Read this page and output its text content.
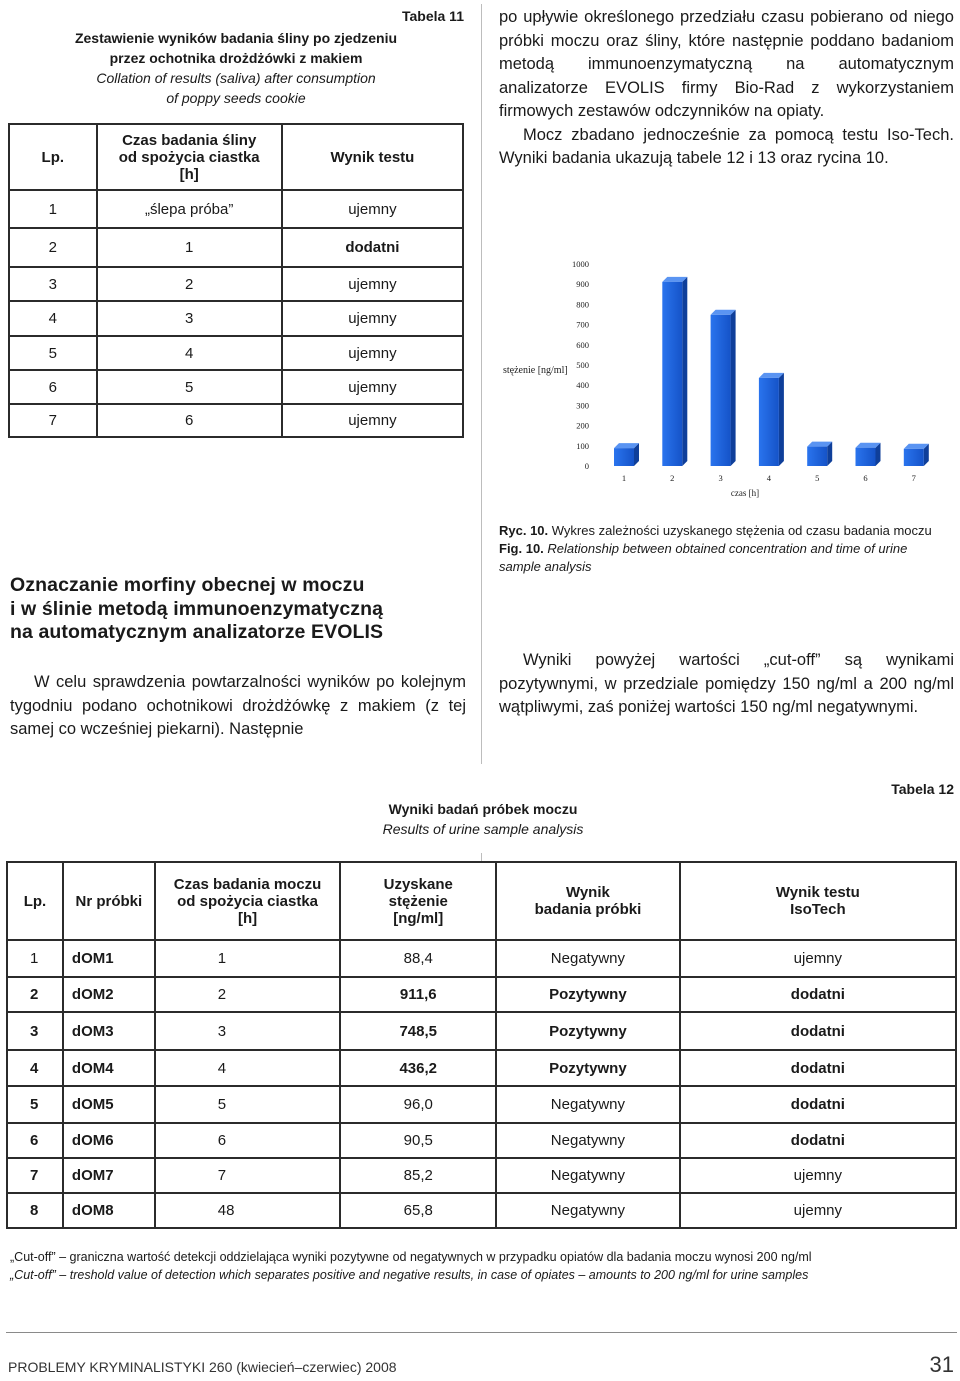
Tabela 11
Zestawienie wyników badania śliny po zjedzeniu
przez ochotnika drożdżówki z makiem
Collation of results (saliva) after consumption
of poppy seeds cookie
Lp.	Czas badania śliny
od spożycia ciastka
[h]	Wynik testu
1	„ślepa próba”	ujemny
2	1	dodatni
3	2	ujemny
4	3	ujemny
5	4	ujemny
6	5	ujemny
7	6	ujemny

po upływie określonego przedziału czasu pobierano od niego próbki moczu oraz śliny, które następnie poddano badaniom metodą immunoenzymatyczną na automatycznym analizatorze EVOLIS firmy Bio-Rad z wykorzystaniem firmowych zestawów odczynników na opiaty.

Mocz zbadano jednocześnie za pomocą testu Iso-Tech. Wyniki badania ukazują tabele 12 i 13 oraz rycina 10.

stężenie [ng/ml]
czas [h]
0
100
200
300
400
500
600
700
800
900
1000
1	2	3	4	5	6	7
Ryc. 10. Wykres zależności uzyskanego stężenia od czasu badania moczu
Fig. 10. Relationship between obtained concentration and time of urine sample analysis
Oznaczanie morfiny obecnej w moczu
i w ślinie metodą immunoenzymatyczną
na automatycznym analizatorze EVOLIS

W celu sprawdzenia powtarzalności wyników po kolejnym tygodniu podano ochotnikowi drożdżówkę z makiem (z tej samej co wcześniej piekarni). Następnie

Wyniki powyżej wartości „cut-off” są wynikami pozytywnymi, w przedziale pomiędzy 150 ng/ml a 200 ng/ml wątpliwymi, zaś poniżej wartości 150 ng/ml negatywnymi.

Tabela 12
Wyniki badań próbek moczu
Results of urine sample analysis
Lp.	Nr próbki	Czas badania moczu
od spożycia ciastka
[h]	Uzyskane
stężenie
[ng/ml]	Wynik
badania próbki	Wynik testu
IsoTech
1	dOM1	1	88,4	Negatywny	ujemny
2	dOM2	2	911,6	Pozytywny	dodatni
3	dOM3	3	748,5	Pozytywny	dodatni
4	dOM4	4	436,2	Pozytywny	dodatni
5	dOM5	5	96,0	Negatywny	dodatni
6	dOM6	6	90,5	Negatywny	dodatni
7	dOM7	7	85,2	Negatywny	ujemny
8	dOM8	48	65,8	Negatywny	ujemny
„Cut-off” – graniczna wartość detekcji oddzielająca wyniki pozytywne od negatywnych w przypadku opiatów dla badania moczu wynosi 200 ng/ml
„Cut-off” – treshold value of detection which separates positive and negative results, in case of opiates – amounts to 200 ng/ml for urine samples
PROBLEMY KRYMINALISTYKI 260 (kwiecień–czerwiec) 2008	31
